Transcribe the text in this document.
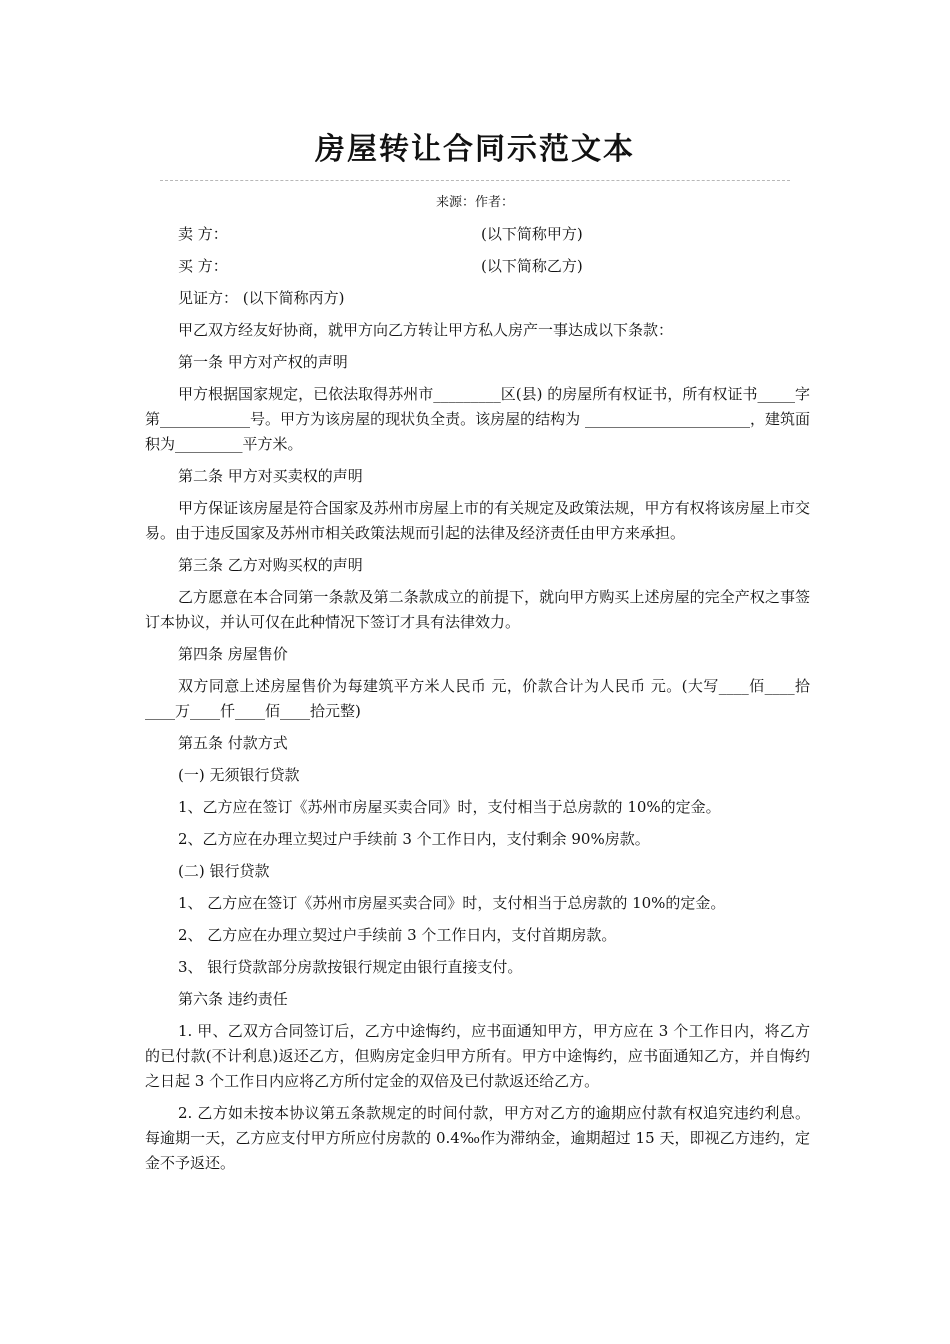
房屋转让合同示范文本
来源：作者：

卖 方：	(以下简称甲方)

买 方：	(以下简称乙方)

见证方： (以下简称丙方)

甲乙双方经友好协商，就甲方向乙方转让甲方私人房产一事达成以下条款：

第一条 甲方对产权的声明

甲方根据国家规定，已依法取得苏州市_________区(县) 的房屋所有权证书，所有权证书_____字第____________号。甲方为该房屋的现状负全责。该房屋的结构为 ______________________，建筑面积为_________平方米。

第二条 甲方对买卖权的声明

甲方保证该房屋是符合国家及苏州市房屋上市的有关规定及政策法规，甲方有权将该房屋上市交易。由于违反国家及苏州市相关政策法规而引起的法律及经济责任由甲方来承担。

第三条 乙方对购买权的声明

乙方愿意在本合同第一条款及第二条款成立的前提下，就向甲方购买上述房屋的完全产权之事签订本协议，并认可仅在此种情况下签订才具有法律效力。

第四条 房屋售价

双方同意上述房屋售价为每建筑平方米人民币 元，价款合计为人民币 元。(大写____佰____拾____万____仟____佰____拾元整)

第五条 付款方式

(一) 无须银行贷款

1、乙方应在签订《苏州市房屋买卖合同》时，支付相当于总房款的 10%的定金。

2、乙方应在办理立契过户手续前 3 个工作日内，支付剩余 90%房款。

(二) 银行贷款

1、 乙方应在签订《苏州市房屋买卖合同》时，支付相当于总房款的 10%的定金。

2、 乙方应在办理立契过户手续前 3 个工作日内，支付首期房款。

3、 银行贷款部分房款按银行规定由银行直接支付。

第六条 违约责任

1. 甲、乙双方合同签订后，乙方中途悔约，应书面通知甲方，甲方应在 3 个工作日内，将乙方的已付款(不计利息)返还乙方，但购房定金归甲方所有。甲方中途悔约，应书面通知乙方，并自悔约之日起 3 个工作日内应将乙方所付定金的双倍及已付款返还给乙方。

2. 乙方如未按本协议第五条款规定的时间付款，甲方对乙方的逾期应付款有权追究违约利息。每逾期一天，乙方应支付甲方所应付房款的 0.4‰作为滞纳金，逾期超过 15 天，即视乙方违约，定金不予返还。
